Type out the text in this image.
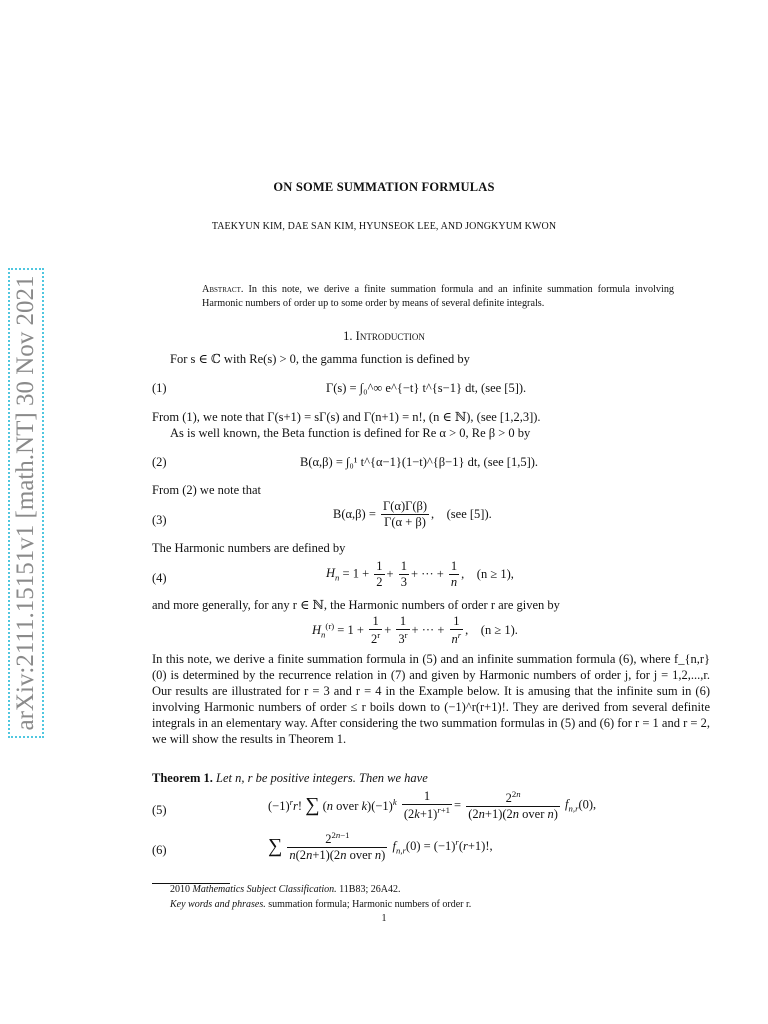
arXiv:2111.15151v1 [math.NT] 30 Nov 2021
ON SOME SUMMATION FORMULAS
TAEKYUN KIM, DAE SAN KIM, HYUNSEOK LEE, AND JONGKYUM KWON
Abstract. In this note, we derive a finite summation formula and an infinite summation formula involving Harmonic numbers of order up to some order by means of several definite integrals.
1. Introduction
For s ∈ ℂ with Re(s) > 0, the gamma function is defined by
(1)	Γ(s) = ∫₀^∞ e^{−t} t^{s−1} dt, (see [5]).
From (1), we note that Γ(s+1) = sΓ(s) and Γ(n+1) = n!, (n ∈ ℕ), (see [1,2,3]).
As is well known, the Beta function is defined for Re α > 0, Re β > 0 by
(2)	B(α,β) = ∫₀¹ t^{α−1}(1−t)^{β−1} dt, (see [1,5]).
From (2) we note that
(3)	$B(\alpha,\beta) = \frac{\Gamma(\alpha)\Gamma(\beta)}{\Gamma(\alpha + \beta)}$ ,    (see [5]).
The Harmonic numbers are defined by
(4)	$H_n = 1 + \frac{1}{2} + \frac{1}{3}$ + ··· + $\frac{1}{n}$ ,    (n ≥ 1),
and more generally, for any r ∈ ℕ, the Harmonic numbers of order r are given by
$H_n^{(r)} = 1 + \frac{1}{2^r} + \frac{1}{3^r}$ + ··· + $\frac{1}{n^r}$ ,    (n ≥ 1).
In this note, we derive a finite summation formula in (5) and an infinite summation formula (6), where f_{n,r}(0) is determined by the recurrence relation in (7) and given by Harmonic numbers of order j, for j = 1,2,...,r. Our results are illustrated for r = 3 and r = 4 in the Example below. It is amusing that the infinite sum in (6) involving Harmonic numbers of order ≤ r boils down to (−1)^r(r+1)!. They are derived from several definite integrals in an elementary way. After considering the two summation formulas in (5) and (6) for r = 1 and r = 2, we will show the results in Theorem 1.
Theorem 1. Let n, r be positive integers. Then we have
(5)	$(-1)^rr$! ∑ (n over $k)(-1)^k \frac{1}{(2k+1)^{r+1}} = \frac{2^{2n}}{\text{(2n+1)(2n over n)}} f_{n,r}(0)$,
(6)	∑ $\frac{2^{2n-1}}{\text{n(2n+1)(2n over n)}} f_{n,r}(0) = (-1)^r(r+1)$!,
2010 Mathematics Subject Classification. 11B83; 26A42.
Key words and phrases. summation formula; Harmonic numbers of order r.
1
